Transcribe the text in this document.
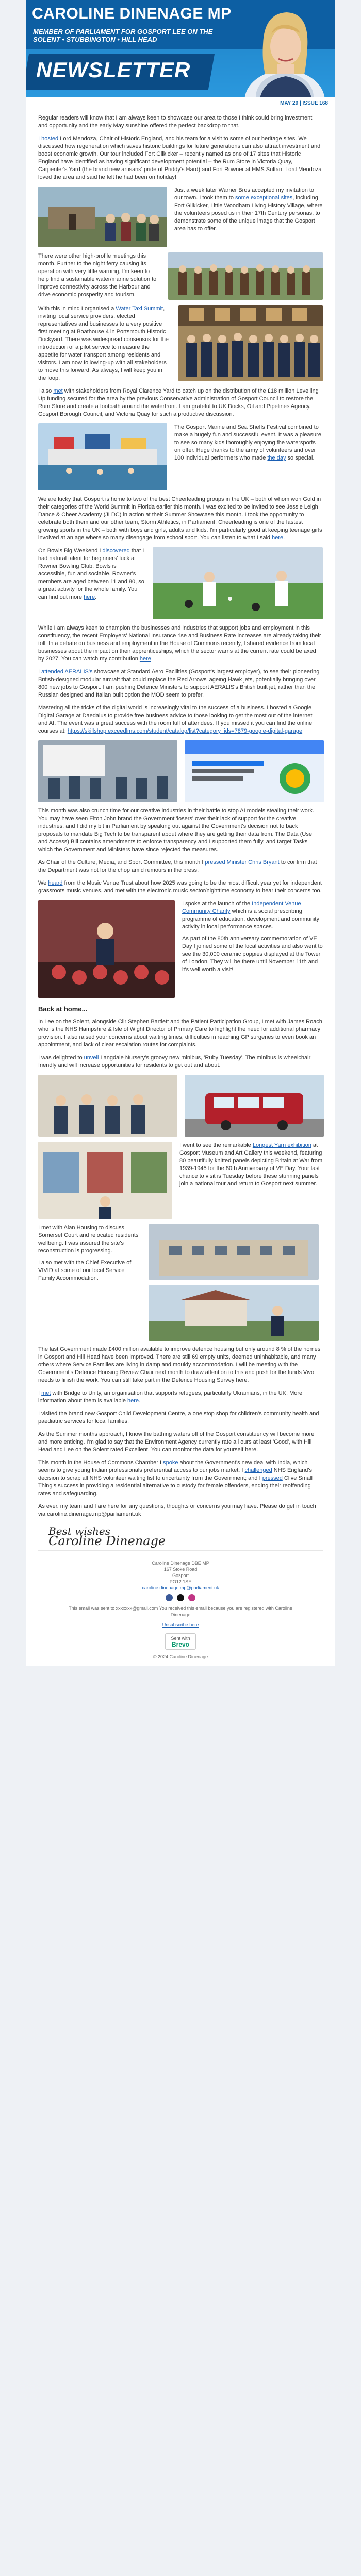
CAROLINE DINENAGE MP
MEMBER OF PARLIAMENT FOR GOSPORT LEE ON THE SOLENT • STUBBINGTON • HILL HEAD
NEWSLETTER
MAY 29 | ISSUE 168

Regular readers will know that I am always keen to showcase our area to those I think could bring investment and opportunity and the early May sunshine offered the perfect backdrop to that.

I hosted Lord Mendoza, Chair of Historic England, and his team for a visit to some of our heritage sites. We discussed how regeneration which saves historic buildings for future generations can also attract investment and boost economic growth. Our tour included Fort Gilkicker – recently named as one of 17 sites that Historic England have identified as having significant development potential – the Rum Store in Victoria Quay, Carpenter's Yard (the brand new artisans' pride of Priddy's Hard) and Fort Rowner at HMS Sultan. Lord Mendoza loved the area and said he felt he had been on holiday!

Just a week later Warner Bros accepted my invitation to our town. I took them to some exceptional sites, including Fort Gilkicker, Little Woodham Living History Village, where the volunteers posed us in their 17th Century personas, to demonstrate some of the unique image that the Gosport area has to offer.
There were other high-profile meetings this month. Further to the night ferry causing its operation with very little warning, I'm keen to help find a sustainable water/marine solution to improve connectivity across the Harbour and drive economic prosperity and tourism.
With this in mind I organised a Water Taxi Summit, inviting local service providers, elected representatives and businesses to a very positive first meeting at Boathouse 4 in Portsmouth Historic Dockyard. There was widespread consensus for the introduction of a pilot service to measure the appetite for water transport among residents and visitors. I am now following-up with all stakeholders to move this forward. As always, I will keep you in the loop.

I also met with stakeholders from Royal Clarence Yard to catch up on the distribution of the £18 million Levelling Up funding secured for the area by the previous Conservative administration of Gosport Council to restore the Rum Store and create a footpath around the waterfront. I am grateful to UK Docks, Oil and Pipelines Agency, Gosport Borough Council, and Victoria Quay for such a productive discussion.

The Gosport Marine and Sea Sheffs Festival combined to make a hugely fun and successful event. It was a pleasure to see so many kids thoroughly enjoying the watersports on offer. Huge thanks to the army of volunteers and over 100 individual performers who made the day so special.

We are lucky that Gosport is home to two of the best Cheerleading groups in the UK – both of whom won Gold in their categories of the World Summit in Florida earlier this month. I was excited to be invited to see Jessie Leigh Dance & Cheer Academy (JLDC) in action at their Summer Showcase this month. I took the opportunity to celebrate both them and our other team, Storm Athletics, in Parliament. Cheerleading is one of the fastest growing sports in the UK – both with boys and girls, adults and kids. I'm particularly good at keeping teenage girls involved at an age where so many disengage from school sport. You can listen to what I said here.

On Bowls Big Weekend I discovered that I had natural talent for beginners' luck at Rowner Bowling Club. Bowls is accessible, fun and sociable. Rowner's members are aged between 11 and 80, so a great activity for the whole family. You can find out more here.

While I am always keen to champion the businesses and industries that support jobs and employment in this constituency, the recent Employers' National Insurance rise and Business Rate increases are already taking their toll. In a debate on business and employment in the House of Commons recently, I shared evidence from local businesses about the impact on their apprenticeships, which the sector warns at the current rate could be axed by 2027. You can watch my contribution here.

I attended AERALIS's showcase at Standard Aero Facilities (Gosport's largest employer), to see their pioneering British-designed modular aircraft that could replace the Red Arrows' ageing Hawk jets, potentially bringing over 800 new jobs to Gosport. I am pushing Defence Ministers to support AERALIS's British built jet, rather than the Russian designed and Italian built option the MOD seem to prefer.

Mastering all the tricks of the digital world is increasingly vital to the success of a business. I hosted a Google Digital Garage at Daedalus to provide free business advice to those looking to get the most out of the internet and AI. The event was a great success with the room full of attendees. If you missed it you can find the online courses at: https://skillshop.exceedlms.com/student/catalog/list?category_ids=7879-google-digital-garage

This month was also crunch time for our creative industries in their battle to stop AI models stealing their work. You may have seen Elton John brand the Government 'losers' over their lack of support for the creative industries, and I did my bit in Parliament by speaking out against the Government's decision not to back proposals to mandate Big Tech to be transparent about where they are getting their data from. The Data (Use and Access) Bill contains amendments to enforce transparency and I supported them fully, and target Tasks which the Government and Ministers have since rejected the measures.

As Chair of the Culture, Media, and Sport Committee, this month I pressed Minister Chris Bryant to confirm that the Department was not for the chop amid rumours in the press.

We heard from the Music Venue Trust about how 2025 was going to be the most difficult year yet for independent grassroots music venues, and met with the electronic music sector/nighttime economy to hear their concerns too.

I spoke at the launch of the Independent Venue Community Charity which is a social prescribing programme of education, development and community activity in local performance spaces.

As part of the 80th anniversary commemoration of VE Day I joined some of the local activities and also went to see the 30,000 ceramic poppies displayed at the Tower of London. They will be there until November 11th and it's well worth a visit!

Back at home...

In Lee on the Solent, alongside Cllr Stephen Bartlett and the Patient Participation Group, I met with James Roach who is the NHS Hampshire & Isle of Wight Director of Primary Care to highlight the need for additional pharmacy provision. I also raised your concerns about waiting times, difficulties in reaching GP surgeries to even book an appointment, and lack of clear escalation routes for complaints.

I was delighted to unveil Langdale Nursery's groovy new minibus, 'Ruby Tuesday'. The minibus is wheelchair friendly and will increase opportunities for residents to get out and about.

I went to see the remarkable Longest Yarn exhibition at Gosport Museum and Art Gallery this weekend, featuring 80 beautifully knitted panels depicting Britain at War from 1939-1945 for the 80th Anniversary of VE Day. Your last chance to visit is Tuesday before these stunning panels join a national tour and return to Gosport next summer.

I met with Alan Housing to discuss Somerset Court and relocated residents' wellbeing. I was assured the site's reconstruction is progressing.

I also met with the Chief Executive of VIVID at some of our local Service Family Accommodation.

The last Government made £400 million available to improve defence housing but only around 8 % of the homes in Gosport and Hill Head have been improved. There are still 69 empty units, deemed uninhabitable, and many others where Service Families are living in damp and mouldy accommodation. I will be meeting with the Government's Defence Housing Review Chair next month to draw attention to this and push for the funds Vivo needs to finish the work. You can still take part in the Defence Housing Survey here.

I met with Bridge to Unity, an organisation that supports refugees, particularly Ukrainians, in the UK. More information about them is available here.

I visited the brand new Gosport Child Development Centre, a one stop shop for children's community health and paediatric services for local families.

As the Summer months approach, I know the bathing waters off of the Gosport constituency will become more and more enticing. I'm glad to say that the Environment Agency currently rate all ours at least 'Good', with Hill Head and Lee on the Solent rated Excellent. You can monitor the data for yourself here.

This month in the House of Commons Chamber I spoke about the Government's new deal with India, which seems to give young Indian professionals preferential access to our jobs market. I challenged NHS England's decision to scrap all NHS volunteer waiting list to uncertainty from the Government; and I pressed Clive Small Thing's success in providing a residential alternative to custody for female offenders, ending their reoffending rates and safeguarding.

As ever, my team and I are here for any questions, thoughts or concerns you may have. Please do get in touch via caroline.dinenage.mp@parliament.uk

Best wishes
Caroline Dinenage
Caroline Dinenage DBE MP
167 Stoke Road
Gosport
PO12 1SE
caroline.dinenage.mp@parliament.uk
This email was sent to xxxxxxx@gmail.com You received this email because you are registered with Caroline Dinenage
Unsubscribe here
Sent with
Brevo
© 2024 Caroline Dinenage
